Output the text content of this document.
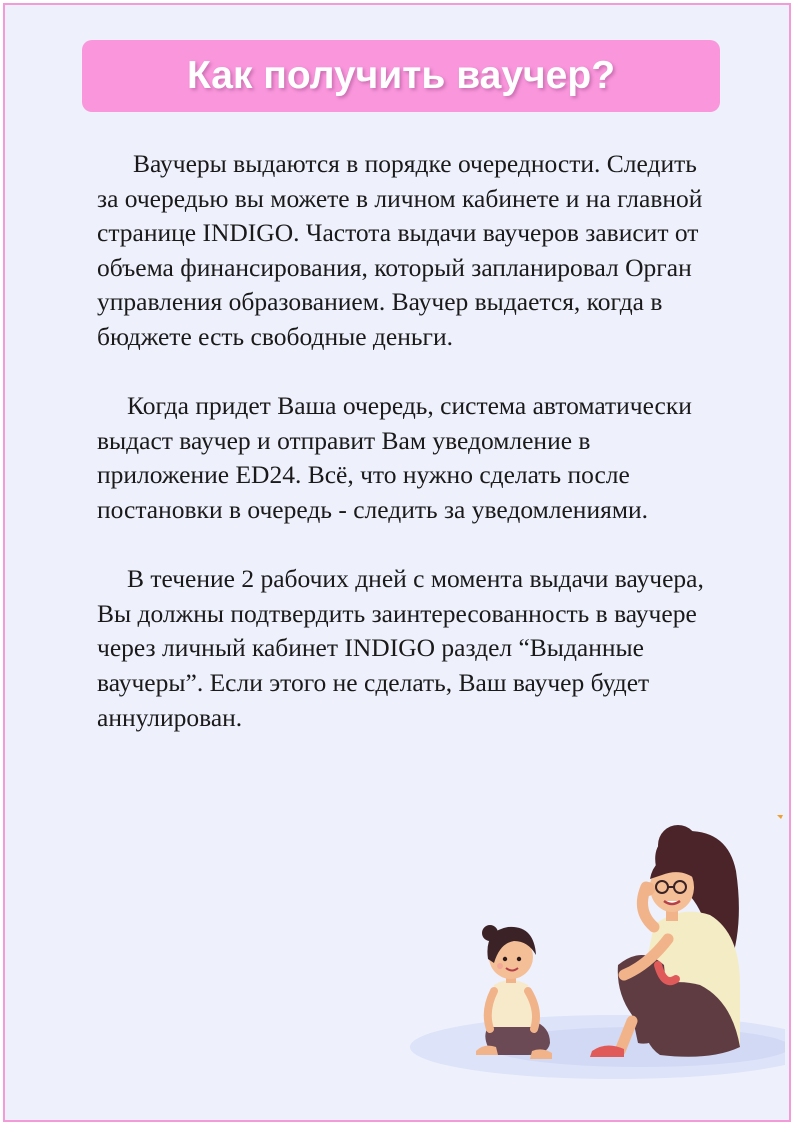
Как получить ваучер?

Ваучеры выдаются в порядке очередности. Следить за очередью вы можете в личном кабинете и на главной странице INDIGO. Частота выдачи ваучеров зависит от объема финансирования, который запланировал Орган управления образованием. Ваучер выдается, когда в бюджете есть свободные деньги.

Когда придет Ваша очередь, система автоматически выдаст ваучер и отправит Вам уведомление в приложение ED24. Всё, что нужно сделать после постановки в очередь - следить за уведомлениями.

В течение 2 рабочих дней с момента выдачи ваучера, Вы должны подтвердить заинтересованность в ваучере через личный кабинет INDIGO раздел “Выданные ваучеры”. Если этого не сделать, Ваш ваучер будет аннулирован.
